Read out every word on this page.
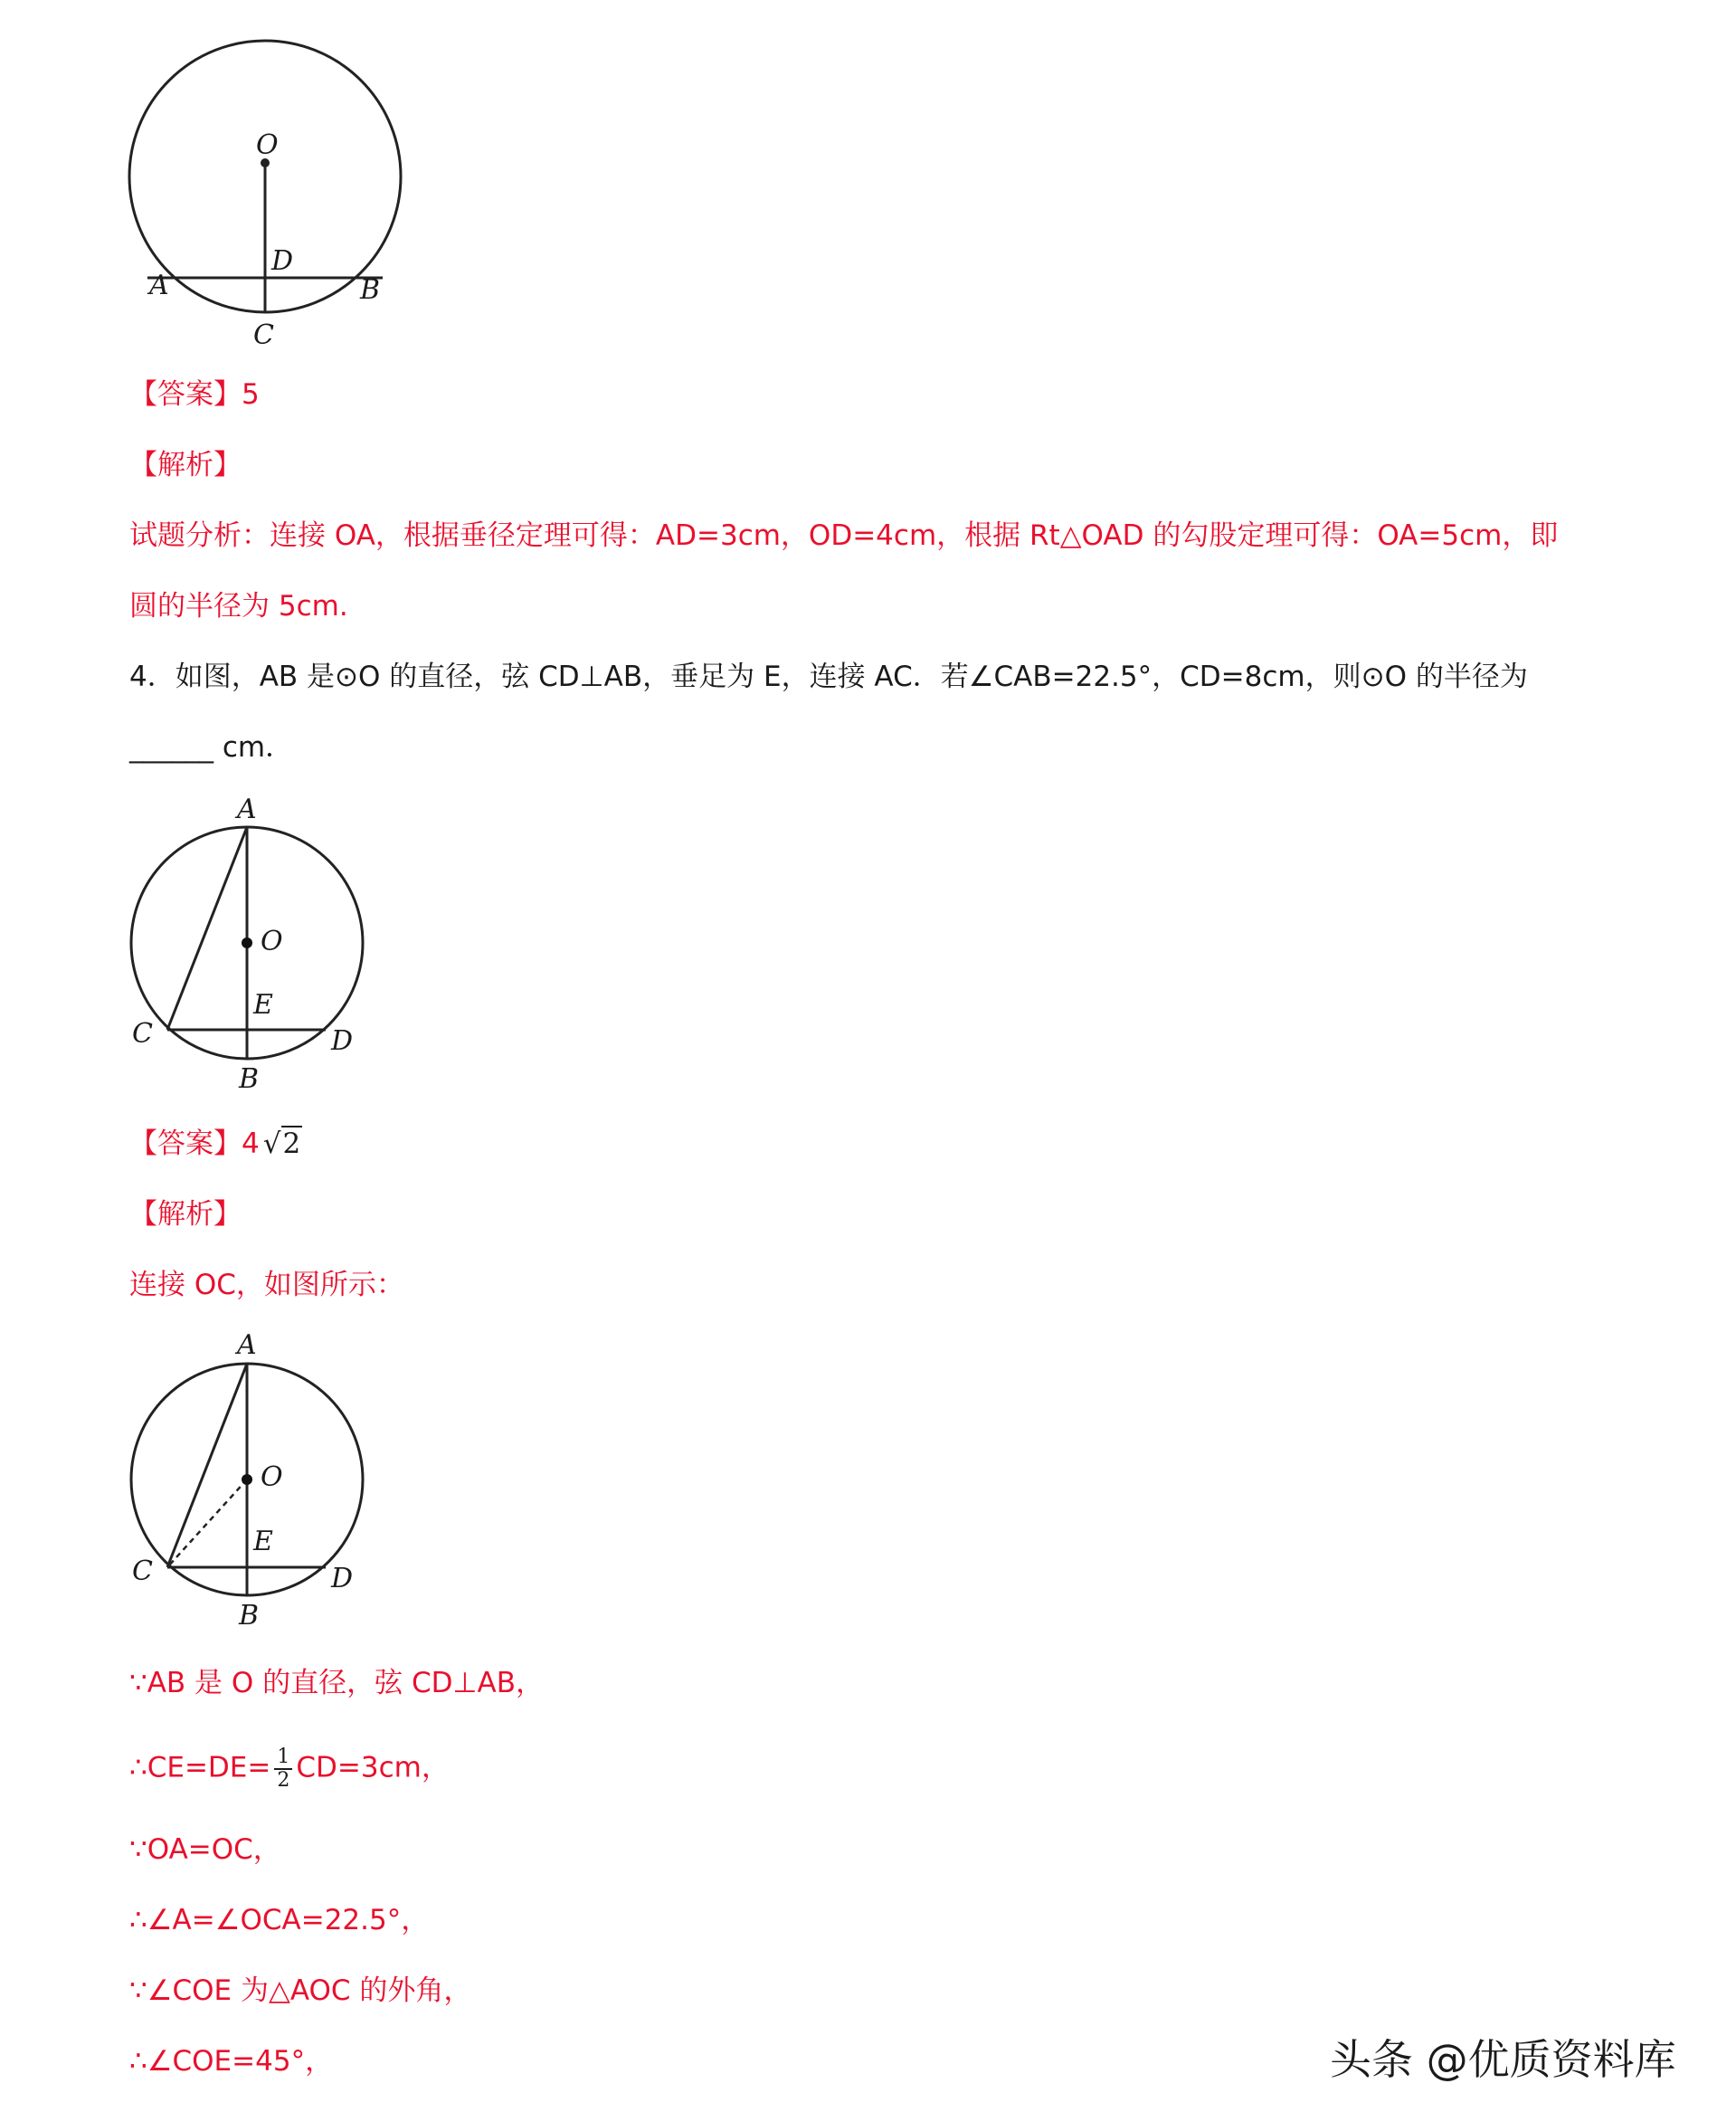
O
D
A	B
C
【答案】5
【解析】
试题分析：连接 OA，根据垂径定理可得：AD=3cm，OD=4cm，根据 Rt△OAD 的勾股定理可得：OA=5cm，即
圆的半径为 5cm.
4．如图，AB 是⊙O 的直径，弦 CD⊥AB，垂足为 E，连接 AC．若∠CAB=22.5°，CD=8cm，则⊙O 的半径为
______ cm．
A
O
E
C	D
B
【答案】4 √2
【解析】
连接 OC，如图所示：
A
O
E
C	D
B
∵AB 是 O 的直径，弦 CD⊥AB，
∴CE=DE= $\frac{1}{2} CD=3cm$，
∵OA=OC，
∴∠A=∠OCA=22.5°，
∵∠COE 为△AOC 的外角，
∴∠COE=45°，	头条 @优质资料库
